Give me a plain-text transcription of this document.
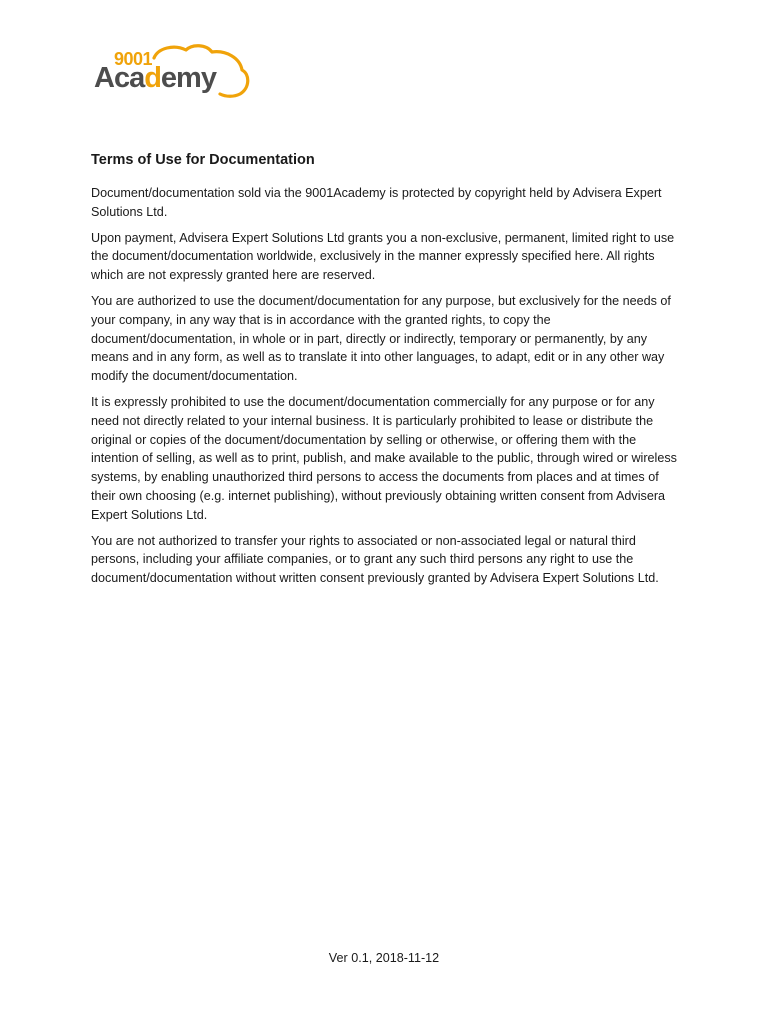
9001
Academy
Terms of Use for Documentation

Document/documentation sold via the 9001Academy is protected by copyright held by Advisera Expert Solutions Ltd.

Upon payment, Advisera Expert Solutions Ltd grants you a non-exclusive, permanent, limited right to use the document/documentation worldwide, exclusively in the manner expressly specified here. All rights which are not expressly granted here are reserved.

You are authorized to use the document/documentation for any purpose, but exclusively for the needs of your company, in any way that is in accordance with the granted rights, to copy the document/documentation, in whole or in part, directly or indirectly, temporary or permanently, by any means and in any form, as well as to translate it into other languages, to adapt, edit or in any other way modify the document/documentation.

It is expressly prohibited to use the document/documentation commercially for any purpose or for any need not directly related to your internal business. It is particularly prohibited to lease or distribute the original or copies of the document/documentation by selling or otherwise, or offering them with the intention of selling, as well as to print, publish, and make available to the public, through wired or wireless systems, by enabling unauthorized third persons to access the documents from places and at times of their own choosing (e.g. internet publishing), without previously obtaining written consent from Advisera Expert Solutions Ltd.

You are not authorized to transfer your rights to associated or non-associated legal or natural third persons, including your affiliate companies, or to grant any such third persons any right to use the document/documentation without written consent previously granted by Advisera Expert Solutions Ltd.

Ver 0.1, 2018-11-12
